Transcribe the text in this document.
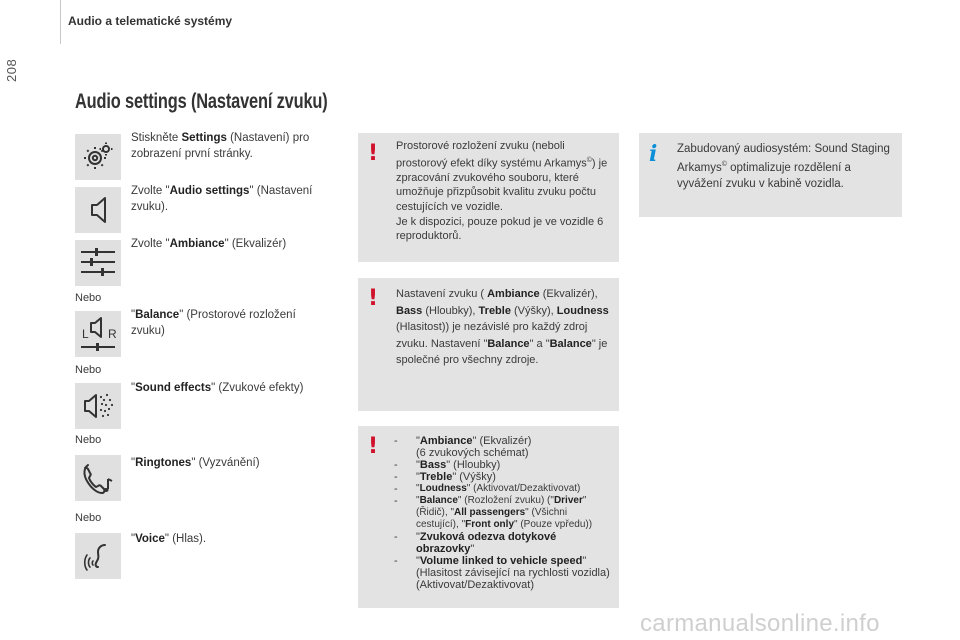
208
Audio a telematické systémy
Audio settings (Nastavení zvuku)
Stiskněte Settings (Nastavení) pro zobrazení první stránky.
Zvolte "Audio settings" (Nastavení zvuku).
Zvolte "Ambiance" (Ekvalizér)
Nebo
L R
"Balance" (Prostorové rozložení zvuku)
Nebo
"Sound effects" (Zvukové efekty)
Nebo
"Ringtones" (Vyzvánění)
Nebo
"Voice" (Hlas).
! Prostorové rozložení zvuku (neboli prostorový efekt díky systému Arkamys©) je zpracování zvukového souboru, které umožňuje přizpůsobit kvalitu zvuku počtu cestujících ve vozidle.
Je k dispozici, pouze pokud je ve vozidle 6 reproduktorů.
! Nastavení zvuku ( Ambiance (Ekvalizér), Bass (Hloubky), Treble (Výšky), Loudness (Hlasitost)) je nezávislé pro každý zdroj zvuku. Nastavení "Balance" a "Balance" je společné pro všechny zdroje.
! -	"Ambiance" (Ekvalizér)
(6 zvukových schémat)
-	"Bass" (Hloubky)
-	"Treble" (Výšky)
-	"Loudness" (Aktivovat/Dezaktivovat)
-	"Balance" (Rozložení zvuku) ("Driver"
(Řidič), "All passengers" (Všichni
cestující), "Front only" (Pouze vpředu))
-	"Zvuková odezva dotykové obrazovky"
-	"Volume linked to vehicle speed"
(Hlasitost závisející na rychlosti vozidla) (Aktivovat/Dezaktivovat)
i Zabudovaný audiosystém: Sound Staging Arkamys© optimalizuje rozdělení a vyvážení zvuku v kabině vozidla.
carmanualsonline.info
